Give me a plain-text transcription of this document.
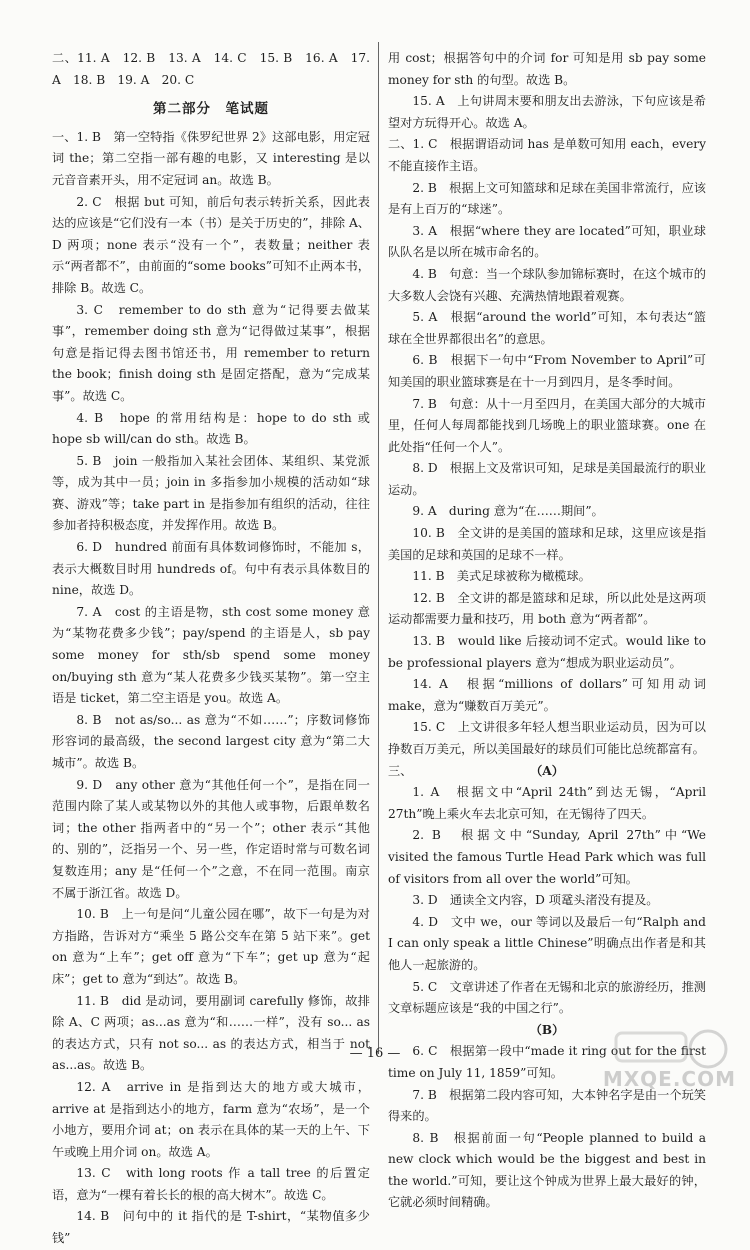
二、11. A　12. B　13. A　14. C　15. B　16. A　17. A　18. B　19. A　20. C

第二部分　笔试题

一、1. B　第一空特指《侏罗纪世界 2》这部电影，用定冠词 the；第二空指一部有趣的电影，又 interesting 是以元音音素开头，用不定冠词 an。故选 B。

2. C　根据 but 可知，前后句表示转折关系，因此表达的应该是“它们没有一本（书）是关于历史的”，排除 A、D 两项；none 表示“没有一个”，表数量；neither 表示“两者都不”，由前面的“some books”可知不止两本书，排除 B。故选 C。

3. C　remember to do sth 意为“记得要去做某事”，remember doing sth 意为“记得做过某事”，根据句意是指记得去图书馆还书，用 remember to return the book；finish doing sth 是固定搭配，意为“完成某事”。故选 C。

4. B　hope 的常用结构是：hope to do sth 或 hope sb will/can do sth。故选 B。

5. B　join 一般指加入某社会团体、某组织、某党派等，成为其中一员；join in 多指参加小规模的活动如“球赛、游戏”等；take part in 是指参加有组织的活动，往往参加者持积极态度，并发挥作用。故选 B。

6. D　hundred 前面有具体数词修饰时，不能加 s，表示大概数目时用 hundreds of。句中有表示具体数目的 nine，故选 D。

7. A　cost 的主语是物，sth cost some money 意为“某物花费多少钱”；pay/spend 的主语是人，sb pay some money for sth/sb spend some money on/buying sth 意为“某人花费多少钱买某物”。第一空主语是 ticket，第二空主语是 you。故选 A。

8. B　not as/so... as 意为“不如……”；序数词修饰形容词的最高级，the second largest city 意为“第二大城市”。故选 B。

9. D　any other 意为“其他任何一个”，是指在同一范围内除了某人或某物以外的其他人或事物，后跟单数名词；the other 指两者中的“另一个”；other 表示“其他的、别的”，泛指另一个、另一些，作定语时常与可数名词复数连用；any 是“任何一个”之意，不在同一范围。南京不属于浙江省。故选 D。

10. B　上一句是问“儿童公园在哪”，故下一句是为对方指路，告诉对方“乘坐 5 路公交车在第 5 站下来”。get on 意为“上车”；get off 意为“下车”；get up 意为“起床”；get to 意为“到达”。故选 B。

11. B　did 是动词，要用副词 carefully 修饰，故排除 A、C 两项；as...as 意为“和……一样”，没有 so... as 的表达方式，只有 not so... as 的表达方式，相当于 not as...as。故选 B。

12. A　arrive in 是指到达大的地方或大城市，arrive at 是指到达小的地方，farm 意为“农场”，是一个小地方，要用介词 at；on 表示在具体的某一天的上午、下午或晚上用介词 on。故选 A。

13. C　with long roots 作 a tall tree 的后置定语，意为“一棵有着长长的根的高大树木”。故选 C。

14. B　问句中的 it 指代的是 T-shirt，“某物值多少钱”

用 cost；根据答句中的介词 for 可知是用 sb pay some money for sth 的句型。故选 B。

15. A　上句讲周末要和朋友出去游泳，下句应该是希望对方玩得开心。故选 A。

二、1. C　根据谓语动词 has 是单数可知用 each，every 不能直接作主语。

2. B　根据上文可知篮球和足球在美国非常流行，应该是有上百万的“球迷”。

3. A　根据“where they are located”可知，职业球队队名是以所在城市命名的。

4. B　句意：当一个球队参加锦标赛时，在这个城市的大多数人会饶有兴趣、充满热情地跟着观赛。

5. A　根据“around the world”可知，本句表达“篮球在全世界都很出名”的意思。

6. B　根据下一句中“From November to April”可知美国的职业篮球赛是在十一月到四月，是冬季时间。

7. B　句意：从十一月至四月，在美国大部分的大城市里，任何人每周都能找到几场晚上的职业篮球赛。one 在此处指“任何一个人”。

8. D　根据上文及常识可知，足球是美国最流行的职业运动。

9. A　during 意为“在……期间”。

10. B　全文讲的是美国的篮球和足球，这里应该是指美国的足球和英国的足球不一样。

11. B　美式足球被称为橄榄球。

12. B　全文讲的都是篮球和足球，所以此处是这两项运动都需要力量和技巧，用 both 意为“两者都”。

13. B　would like 后接动词不定式。would like to be professional players 意为“想成为职业运动员”。

14. A　根据“millions of dollars”可知用动词 make，意为“赚数百万美元”。

15. C　上文讲很多年轻人想当职业运动员，因为可以挣数百万美元，所以美国最好的球员们可能比总统都富有。

三、	（A）

1. A　根据文中“April 24th”到达无锡，“April 27th”晚上乘火车去北京可知，在无锡待了四天。

2. B　根据文中“Sunday, April 27th”中“We visited the famous Turtle Head Park which was full of visitors from all over the world”可知。

3. D　通读全文内容，D 项鼋头渚没有提及。

4. D　文中 we，our 等词以及最后一句“Ralph and I can only speak a little Chinese”明确点出作者是和其他人一起旅游的。

5. C　文章讲述了作者在无锡和北京的旅游经历，推测文章标题应该是“我的中国之行”。

（B）

6. C　根据第一段中“made it ring out for the first time on July 11, 1859”可知。

7. B　根据第二段内容可知，大本钟名字是由一个玩笑得来的。

8. B　根据前面一句“People planned to build a new clock which would be the biggest and best in the world.”可知，要让这个钟成为世界上最大最好的钟，它就必须时间精确。

— 16 —
MXQE.COM
